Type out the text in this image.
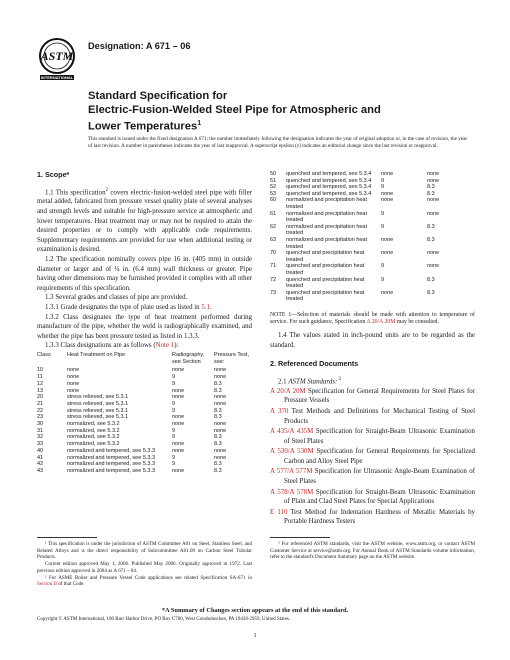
ASTM
INTERNATIONAL
Designation: A 671 – 06
Standard Specification for
Electric-Fusion-Welded Steel Pipe for Atmospheric and
Lower Temperatures$^1$
This standard is issued under the fixed designation A 671; the number immediately following the designation indicates the year of original adoption or, in the case of revision, the year of last revision. A number in parentheses indicates the year of last reapproval. A superscript epsilon (ε) indicates an editorial change since the last revision or reapproval.
1. Scope*

1.1 This specification$^2$ covers electric-fusion-welded steel pipe with filler metal added, fabricated from pressure vessel quality plate of several analyses and strength levels and suitable for high-pressure service at atmospheric and lower temperatures. Heat treatment may or may not be required to attain the desired properties or to comply with applicable code requirements. Supplementary requirements are provided for use when additional testing or examination is desired.

1.2 The specification nominally covers pipe 16 in. (405 mm) in outside diameter or larger and of ¼ in. (6.4 mm) wall thickness or greater. Pipe having other dimensions may be furnished provided it complies with all other requirements of this specification.

1.3 Several grades and classes of pipe are provided.

1.3.1 Grade designates the type of plate used as listed in 5.1.

1.3.2 Class designates the type of heat treatment performed during manufacture of the pipe, whether the weld is radiographically examined, and whether the pipe has been pressure tested as listed in 1.3.3.

1.3.3 Class designations are as follows (Note 1):

Class	Heat Treatment on Pipe	Radiography, see Section	Pressure Test, see:
10	none	none	none
11	none	9	none
12	none	9	8.3
13	none	none	8.3
20	stress relieved, see 5.3.1	none	none
21	stress relieved, see 5.3.1	9	none
22	stress relieved, see 5.3.1	9	8.3
23	stress relieved, see 5.3.1	none	8.3
30	normalized, see 5.3.2	none	none
31	normalized, see 5.3.2	9	none
32	normalized, see 5.3.2	9	8.3
33	normalized, see 5.3.2	none	8.3
40	normalized and tempered, see 5.3.3	none	none
41	normalized and tempered, see 5.3.3	9	none
42	normalized and tempered, see 5.3.3	9	8.3
43	normalized and tempered, see 5.3.3	none	8.3
50	quenched and tempered, see 5.3.4	none	none
51	quenched and tempered, see 5.3.4	9	none
52	quenched and tempered, see 5.3.4	9	8.3
53	quenched and tempered, see 5.3.4	none	8.3
60	normalized and precipitation heat treated	none	none
61	normalized and precipitation heat treated	9	none
62	normalized and precipitation heat treated	9	8.3
63	normalized and precipitation heat treated	none	8.3
70	quenched and precipitation heat treated	none	none
71	quenched and precipitation heat treated	9	none
72	quenched and precipitation heat treated	9	8.3
73	quenched and precipitation heat treated	none	8.3

NOTE 1—Selection of materials should be made with attention to temperature of service. For such guidance, Specification A 20/A 20M may be consulted.

1.4 The values stated in inch-pound units are to be regarded as the standard.

2. Referenced Documents

2.1 ASTM Standards: $^3$

A 20/A 20M Specification for General Requirements for Steel Plates for Pressure Vessels

A 370 Test Methods and Definitions for Mechanical Testing of Steel Products

A 435/A 435M Specification for Straight-Beam Ultrasonic Examination of Steel Plates

A 530/A 530M Specification for General Requirements for Specialized Carbon and Alloy Steel Pipe

A 577/A 577M Specification for Ultrasonic Angle-Beam Examination of Steel Plates

A 578/A 578M Specification for Straight-Beam Ultrasonic Examination of Plain and Clad Steel Plates for Special Applications

E 110 Test Method for Indentation Hardness of Metallic Materials by Portable Hardness Testers

¹ This specification is under the jurisdiction of ASTM Committee A01 on Steel, Stainless Steel, and Related Alloys and is the direct responsibility of Subcommittee A01.09 on Carbon Steel Tubular Products.

Current edition approved May 1, 2006. Published May 2006. Originally approved in 1972. Last previous edition approved in 2004 as A 671 – 04.

² For ASME Boiler and Pressure Vessel Code applications see related Specification SA-671 in Section II of that Code.

³ For referenced ASTM standards, visit the ASTM website, www.astm.org, or contact ASTM Customer Service at service@astm.org. For Annual Book of ASTM Standards volume information, refer to the standard's Document Summary page on the ASTM website.

*A Summary of Changes section appears at the end of this standard.
Copyright © ASTM International, 100 Barr Harbor Drive, PO Box C700, West Conshohocken, PA 19428-2959, United States.
1
